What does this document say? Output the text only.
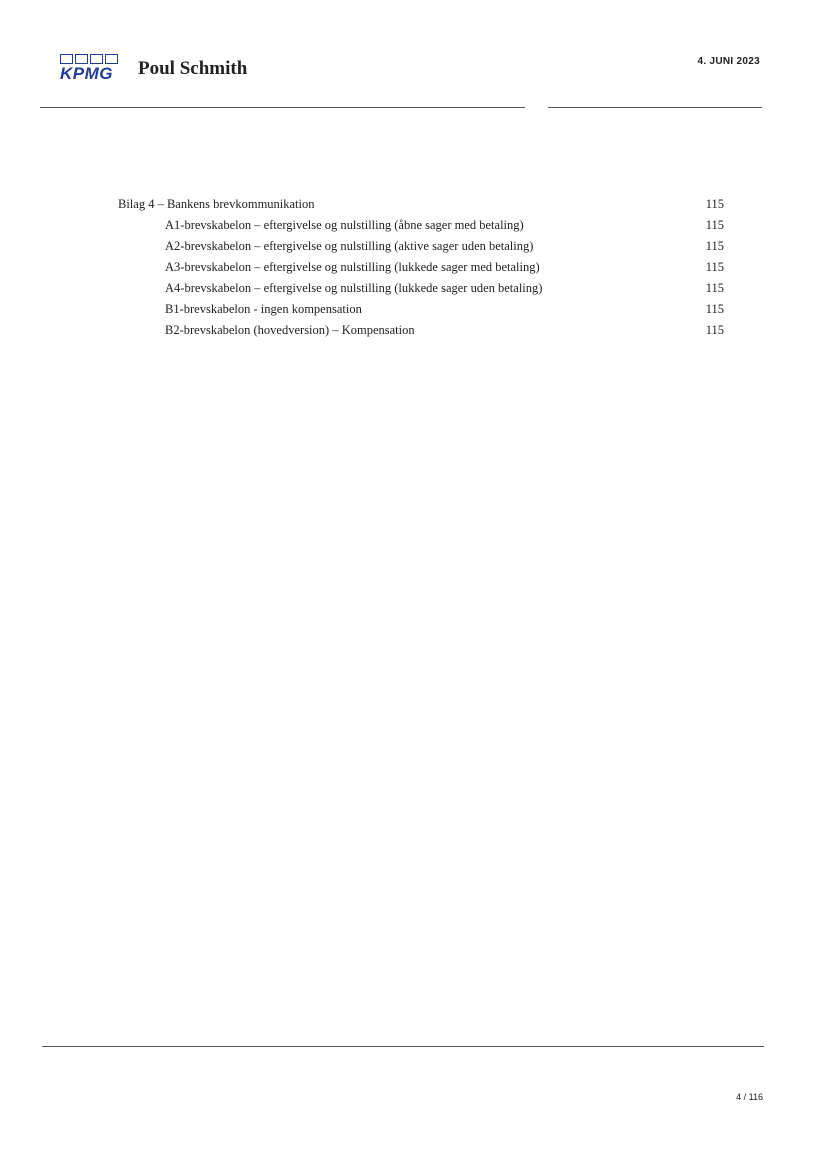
KPMG	Poul Schmith	4. JUNI 2023
Bilag 4 – Bankens brevkommunikation	115
A1-brevskabelon – eftergivelse og nulstilling (åbne sager med betaling)	115
A2-brevskabelon – eftergivelse og nulstilling (aktive sager uden betaling)	115
A3-brevskabelon – eftergivelse og nulstilling (lukkede sager med betaling)	115
A4-brevskabelon – eftergivelse og nulstilling (lukkede sager uden betaling)	115
B1-brevskabelon - ingen kompensation	115
B2-brevskabelon (hovedversion) – Kompensation	115
4 / 116
